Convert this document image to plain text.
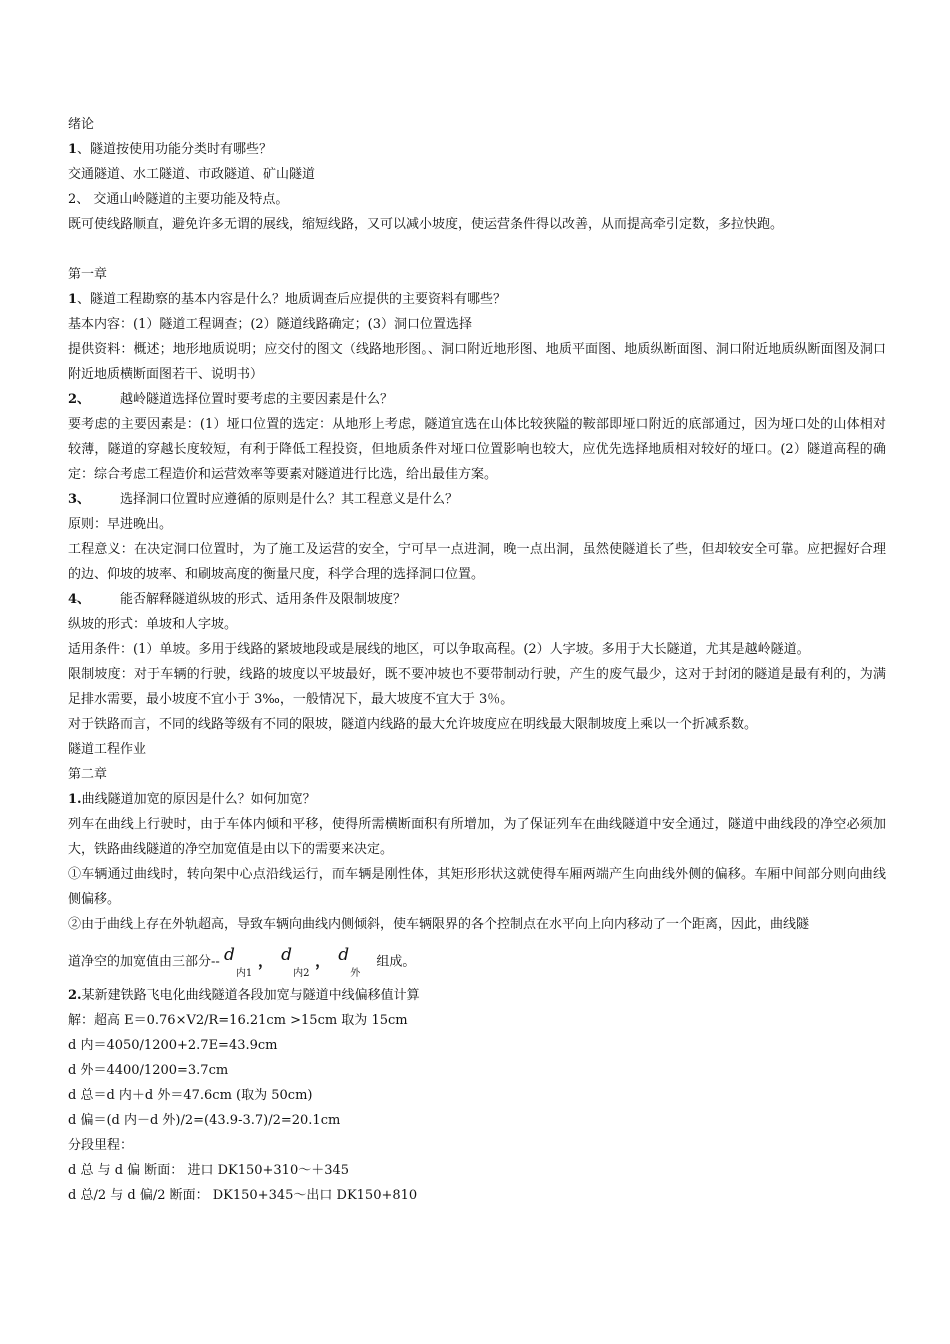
绪论
1、隧道按使用功能分类时有哪些？
交通隧道、水工隧道、市政隧道、矿山隧道
2、 交通山岭隧道的主要功能及特点。
既可使线路顺直，避免许多无谓的展线，缩短线路，又可以减小坡度，使运营条件得以改善，从而提高牵引定数，多拉快跑。
第一章
1、隧道工程勘察的基本内容是什么？地质调查后应提供的主要资料有哪些？
基本内容：(1）隧道工程调查；(2）隧道线路确定；(3）洞口位置选择
提供资料：概述；地形地质说明；应交付的图文（线路地形图。、洞口附近地形图、地质平面图、地质纵断面图、洞口附近地质纵断面图及洞口附近地质横断面图若干、说明书）
2、 越岭隧道选择位置时要考虑的主要因素是什么？
要考虑的主要因素是：(1）垭口位置的选定：从地形上考虑，隧道宜选在山体比较狭隘的鞍部即垭口附近的底部通过，因为垭口处的山体相对较薄，隧道的穿越长度较短，有利于降低工程投资，但地质条件对垭口位置影响也较大，应优先选择地质相对较好的垭口。(2）隧道高程的确定：综合考虑工程造价和运营效率等要素对隧道进行比选，给出最佳方案。
3、 选择洞口位置时应遵循的原则是什么？其工程意义是什么？
原则：早进晚出。
工程意义：在决定洞口位置时，为了施工及运营的安全，宁可早一点进洞，晚一点出洞，虽然使隧道长了些，但却较安全可靠。应把握好合理的边、仰坡的坡率、和刷坡高度的衡量尺度，科学合理的选择洞口位置。
4、 能否解释隧道纵坡的形式、适用条件及限制坡度？
纵坡的形式：单坡和人字坡。
适用条件：(1）单坡。多用于线路的紧坡地段或是展线的地区，可以争取高程。(2）人字坡。多用于大长隧道，尤其是越岭隧道。
限制坡度：对于车辆的行驶，线路的坡度以平坡最好，既不要冲坡也不要带制动行驶，产生的废气最少，这对于封闭的隧道是最有利的，为满足排水需要，最小坡度不宜小于 3‰，一般情况下，最大坡度不宜大于 3％。
对于铁路而言，不同的线路等级有不同的限坡，隧道内线路的最大允许坡度应在明线最大限制坡度上乘以一个折减系数。
隧道工程作业
第二章
1.曲线隧道加宽的原因是什么？如何加宽？
列车在曲线上行驶时，由于车体内倾和平移，使得所需横断面积有所增加，为了保证列车在曲线隧道中安全通过，隧道中曲线段的净空必须加大，铁路曲线隧道的净空加宽值是由以下的需要来决定。
①车辆通过曲线时，转向架中心点沿线运行，而车辆是刚性体，其矩形形状这就使得车厢两端产生向曲线外侧的偏移。车厢中间部分则向曲线侧偏移。
②由于曲线上存在外轨超高，导致车辆向曲线内侧倾斜，使车辆限界的各个控制点在水平向上向内移动了一个距离，因此，曲线隧
道净空的加宽值由三部分-- d
内1
， d
内2
， d
外
组成。
2.某新建铁路飞电化曲线隧道各段加宽与隧道中线偏移值计算
解：超高 E＝0.76×V2/R=16.21cm >15cm 取为 15cm
d 内＝4050/1200+2.7E=43.9cm
d 外＝4400/1200=3.7cm
d 总＝d 内＋d 外＝47.6cm (取为 50cm)
d 偏＝(d 内－d 外)/2=(43.9-3.7)/2=20.1cm
分段里程：
d 总 与 d 偏 断面： 进口 DK150+310～＋345
d 总/2 与 d 偏/2 断面： DK150+345～出口 DK150+810
